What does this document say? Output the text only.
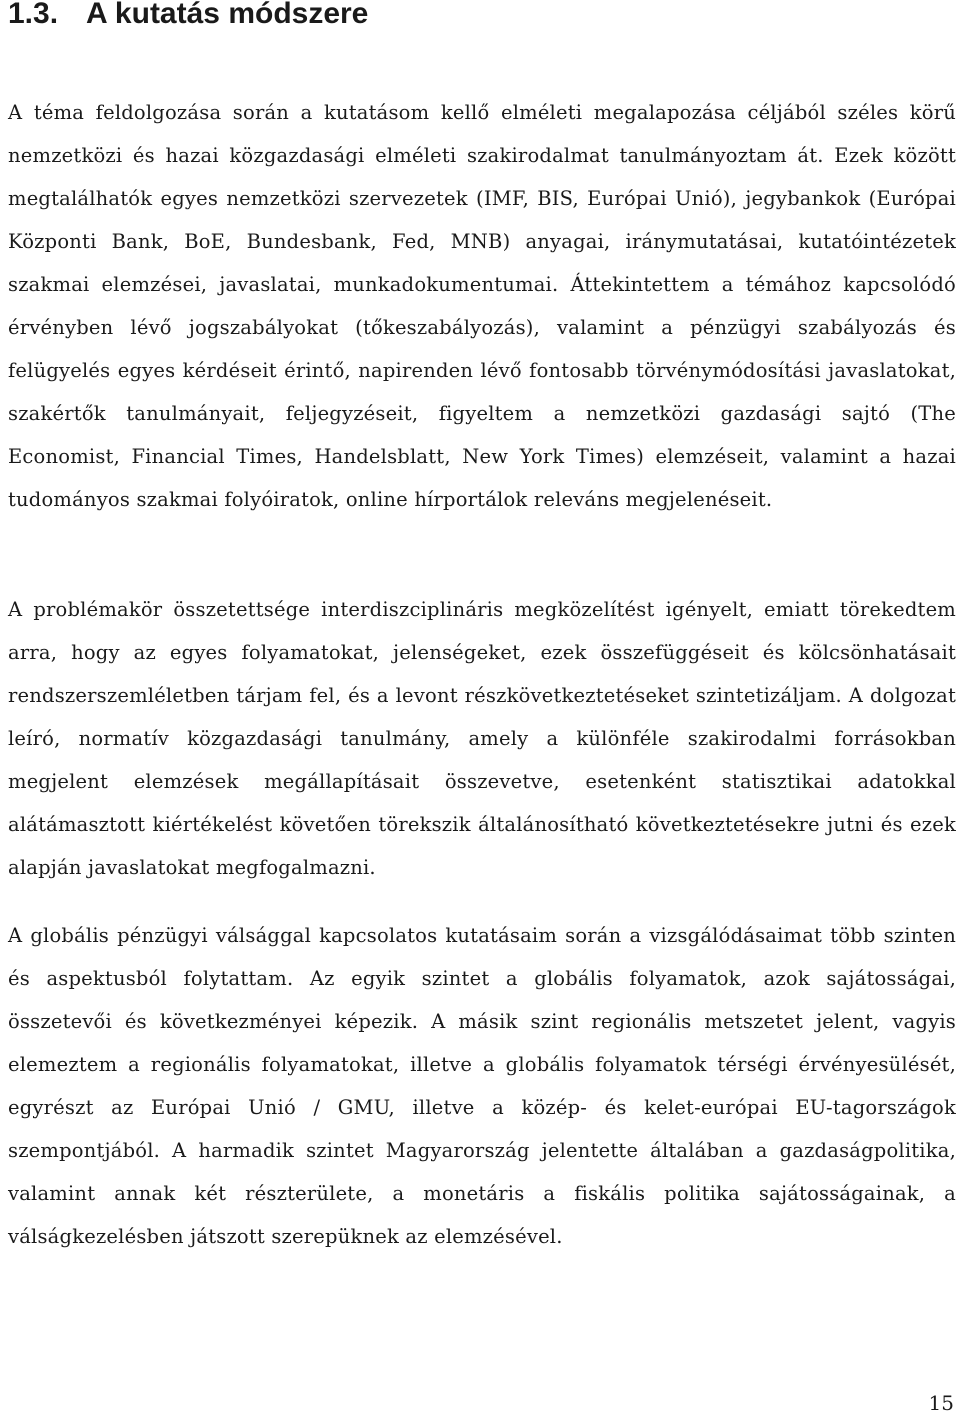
1.3. A kutatás módszere

A téma feldolgozása során a kutatásom kellő elméleti megalapozása céljából széles körű nemzetközi és hazai közgazdasági elméleti szakirodalmat tanulmányoztam át. Ezek között megtalálhatók egyes nemzetközi szervezetek (IMF, BIS, Európai Unió), jegybankok (Európai Központi Bank, BoE, Bundesbank, Fed, MNB) anyagai, iránymutatásai, kutatóintézetek szakmai elemzései, javaslatai, munkadokumentumai. Áttekintettem a témához kapcsolódó érvényben lévő jogszabályokat (tőkeszabályozás), valamint a pénzügyi szabályozás és felügyelés egyes kérdéseit érintő, napirenden lévő fontosabb törvénymódosítási javaslatokat, szakértők tanulmányait, feljegyzéseit, figyeltem a nemzetközi gazdasági sajtó (The Economist, Financial Times, Handelsblatt, New York Times) elemzéseit, valamint a hazai tudományos szakmai folyóiratok, online hírportálok releváns megjelenéseit.

A problémakör összetettsége interdiszciplináris megközelítést igényelt, emiatt törekedtem arra, hogy az egyes folyamatokat, jelenségeket, ezek összefüggéseit és kölcsönhatásait rendszerszemléletben tárjam fel, és a levont részkövetkeztetéseket szintetizáljam. A dolgozat leíró, normatív közgazdasági tanulmány, amely a különféle szakirodalmi forrásokban megjelent elemzések megállapításait összevetve, esetenként statisztikai adatokkal alátámasztott kiértékelést követően törekszik általánosítható következtetésekre jutni és ezek alapján javaslatokat megfogalmazni.

A globális pénzügyi válsággal kapcsolatos kutatásaim során a vizsgálódásaimat több szinten és aspektusból folytattam. Az egyik szintet a globális folyamatok, azok sajátosságai, összetevői és következményei képezik. A másik szint regionális metszetet jelent, vagyis elemeztem a regionális folyamatokat, illetve a globális folyamatok térségi érvényesülését, egyrészt az Európai Unió / GMU, illetve a közép- és kelet-európai EU-tagországok szempontjából. A harmadik szintet Magyarország jelentette általában a gazdaságpolitika, valamint annak két részterülete, a monetáris a fiskális politika sajátosságainak, a válságkezelésben játszott szerepüknek az elemzésével.

15
